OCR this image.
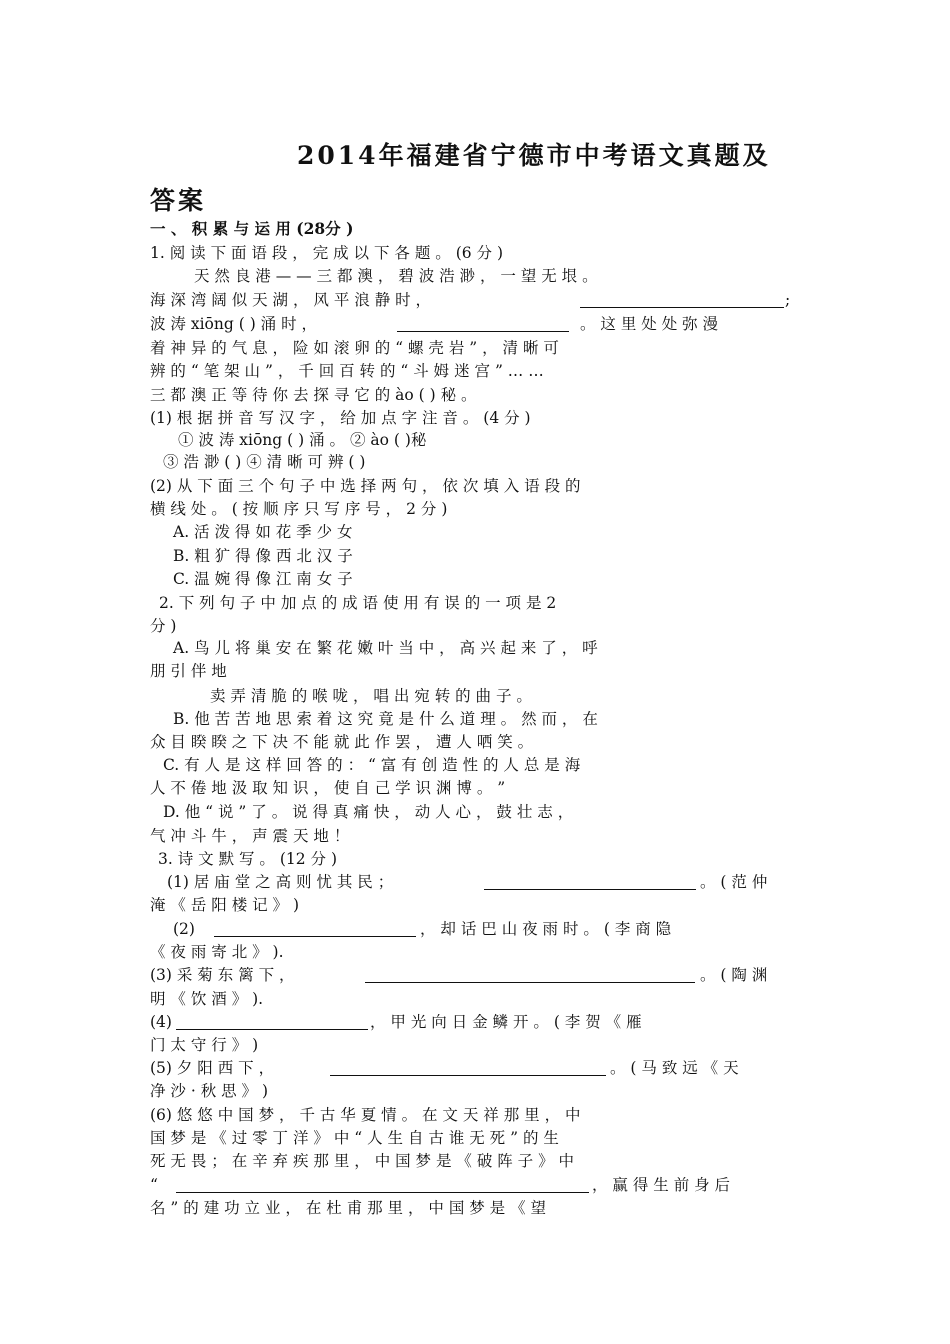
2014年福建省宁德市中考语文真题及
答案
一 、 积 累 与 运 用 (28分 )
1. 阅 读 下 面 语 段 ， 完 成 以 下 各 题 。 (6 分 )
天 然 良 港 — — 三 都 澳 ， 碧 波 浩 渺 ， 一 望 无 垠 。
海 深 湾 阔 似 天 湖 ， 风 平 浪 静 时 ，	;
波 涛 xiōng ( ) 涌 时 ，	。 这 里 处 处 弥 漫
着 神 异 的 气 息 ， 险 如 滚 卵 的 “ 螺 壳 岩 ” ， 清 晰 可
辨 的 “ 笔 架 山 ” ， 千 回 百 转 的 “ 斗 姆 迷 宫 ” … …
三 都 澳 正 等 待 你 去 探 寻 它 的 ào ( ) 秘 。
(1) 根 据 拼 音 写 汉 字 ， 给 加 点 字 注 音 。 (4 分 )
① 波 涛 xiōng ( ) 涌 。 ② ào ( )秘
③ 浩 渺 ( ) ④ 清 晰 可 辨 ( )
(2) 从 下 面 三 个 句 子 中 选 择 两 句 ， 依 次 填 入 语 段 的
横 线 处 。 ( 按 顺 序 只 写 序 号 ， 2 分 )
A. 活 泼 得 如 花 季 少 女
B. 粗 犷 得 像 西 北 汉 子
C. 温 婉 得 像 江 南 女 子
2. 下 列 句 子 中 加 点 的 成 语 使 用 有 误 的 一 项 是 2
分 )
A. 鸟 儿 将 巢 安 在 繁 花 嫩 叶 当 中 ， 高 兴 起 来 了 ， 呼
朋 引 伴 地
卖 弄 清 脆 的 喉 咙 ， 唱 出 宛 转 的 曲 子 。
B. 他 苦 苦 地 思 索 着 这 究 竟 是 什 么 道 理 。 然 而 ， 在
众 目 睽 睽 之 下 决 不 能 就 此 作 罢 ， 遭 人 哂 笑 。
C. 有 人 是 这 样 回 答 的 ： “ 富 有 创 造 性 的 人 总 是 海
人 不 倦 地 汲 取 知 识 ， 使 自 己 学 识 渊 博 。 ”
D. 他 “ 说 ” 了 。 说 得 真 痛 快 ， 动 人 心 ， 鼓 壮 志 ，
气 冲 斗 牛 ， 声 震 天 地 ！
3. 诗 文 默 写 。 (12 分 )
(1) 居 庙 堂 之 高 则 忧 其 民 ；	。 ( 范 仲
淹 《 岳 阳 楼 记 》 )
(2)	， 却 话 巴 山 夜 雨 时 。 ( 李 商 隐
《 夜 雨 寄 北 》 ).
(3) 采 菊 东 篱 下 ，	。 ( 陶 渊
明 《 饮 酒 》 ).
(4)	， 甲 光 向 日 金 鳞 开 。 ( 李 贺 《 雁
门 太 守 行 》 )
(5) 夕 阳 西 下 ，	。 ( 马 致 远 《 天
净 沙 · 秋 思 》 )
(6) 悠 悠 中 国 梦 ， 千 古 华 夏 情 。 在 文 天 祥 那 里 ， 中
国 梦 是 《 过 零 丁 洋 》 中 “ 人 生 自 古 谁 无 死 ” 的 生
死 无 畏 ； 在 辛 弃 疾 那 里 ， 中 国 梦 是 《 破 阵 子 》 中
“	， 赢 得 生 前 身 后
名 ” 的 建 功 立 业 ， 在 杜 甫 那 里 ， 中 国 梦 是 《 望
